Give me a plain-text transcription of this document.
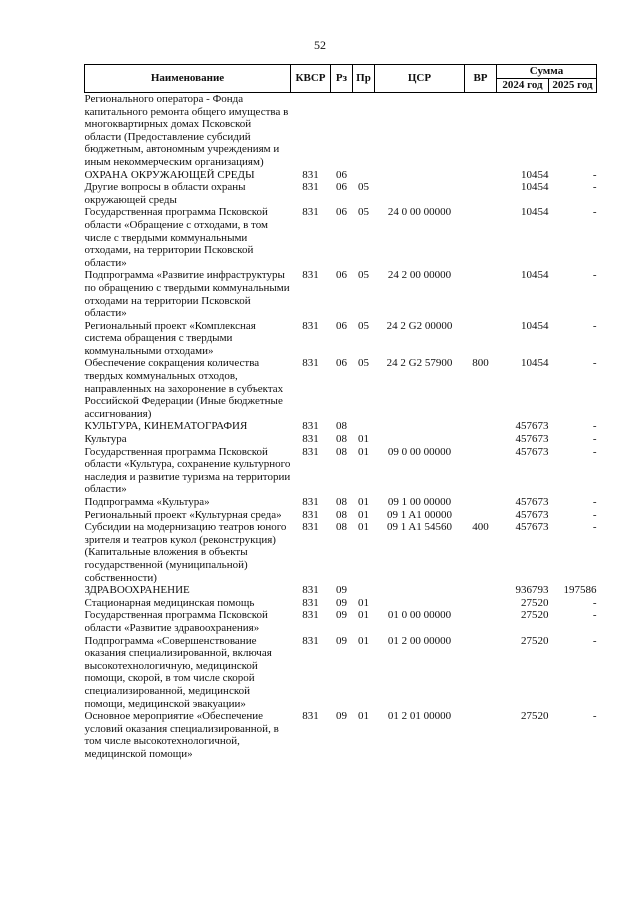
52
Наименование	КВСР	Рз	Пр	ЦСР	ВР	Сумма	
						2024 год	2025 год
Регионального оператора - Фонда капитального ремонта общего имущества в многоквартирных домах Псковской области (Предоставление субсидий бюджетным, автономным учреждениям и иным некоммерческим организациям)							
ОХРАНА ОКРУЖАЮЩЕЙ СРЕДЫ	831	06				10454	-
Другие вопросы в области охраны окружающей среды	831	06	05			10454	-
Государственная программа Псковской области «Обращение с отходами, в том числе с твердыми коммунальными отходами, на территории Псковской области»	831	06	05	24 0 00 00000		10454	-
Подпрограмма «Развитие инфраструктуры по обращению с твердыми коммунальными отходами на территории Псковской области»	831	06	05	24 2 00 00000		10454	-
Региональный проект «Комплексная система обращения с твердыми коммунальными отходами»	831	06	05	24 2 G2 00000		10454	-
Обеспечение сокращения количества твердых коммунальных отходов, направленных на захоронение в субъектах Российской Федерации (Иные бюджетные ассигнования)	831	06	05	24 2 G2 57900	800	10454	-
КУЛЬТУРА, КИНЕМАТОГРАФИЯ	831	08				457673	-
Культура	831	08	01			457673	-
Государственная программа Псковской области «Культура, сохранение культурного наследия и развитие туризма на территории области»	831	08	01	09 0 00 00000		457673	-
Подпрограмма «Культура»	831	08	01	09 1 00 00000		457673	-
Региональный проект «Культурная среда»	831	08	01	09 1 A1 00000		457673	-
Субсидии на модернизацию театров юного зрителя и театров кукол (реконструкция) (Капитальные вложения в объекты государственной (муниципальной) собственности)	831	08	01	09 1 A1 54560	400	457673	-
ЗДРАВООХРАНЕНИЕ	831	09				936793	197586
Стационарная медицинская помощь	831	09	01			27520	-
Государственная программа Псковской области «Развитие здравоохранения»	831	09	01	01 0 00 00000		27520	-
Подпрограмма «Совершенствование оказания специализированной, включая высокотехнологичную, медицинской помощи, скорой, в том числе скорой специализированной, медицинской помощи, медицинской эвакуации»	831	09	01	01 2 00 00000		27520	-
Основное мероприятие «Обеспечение условий оказания специализированной, в том числе высокотехнологичной, медицинской помощи»	831	09	01	01 2 01 00000		27520	-
